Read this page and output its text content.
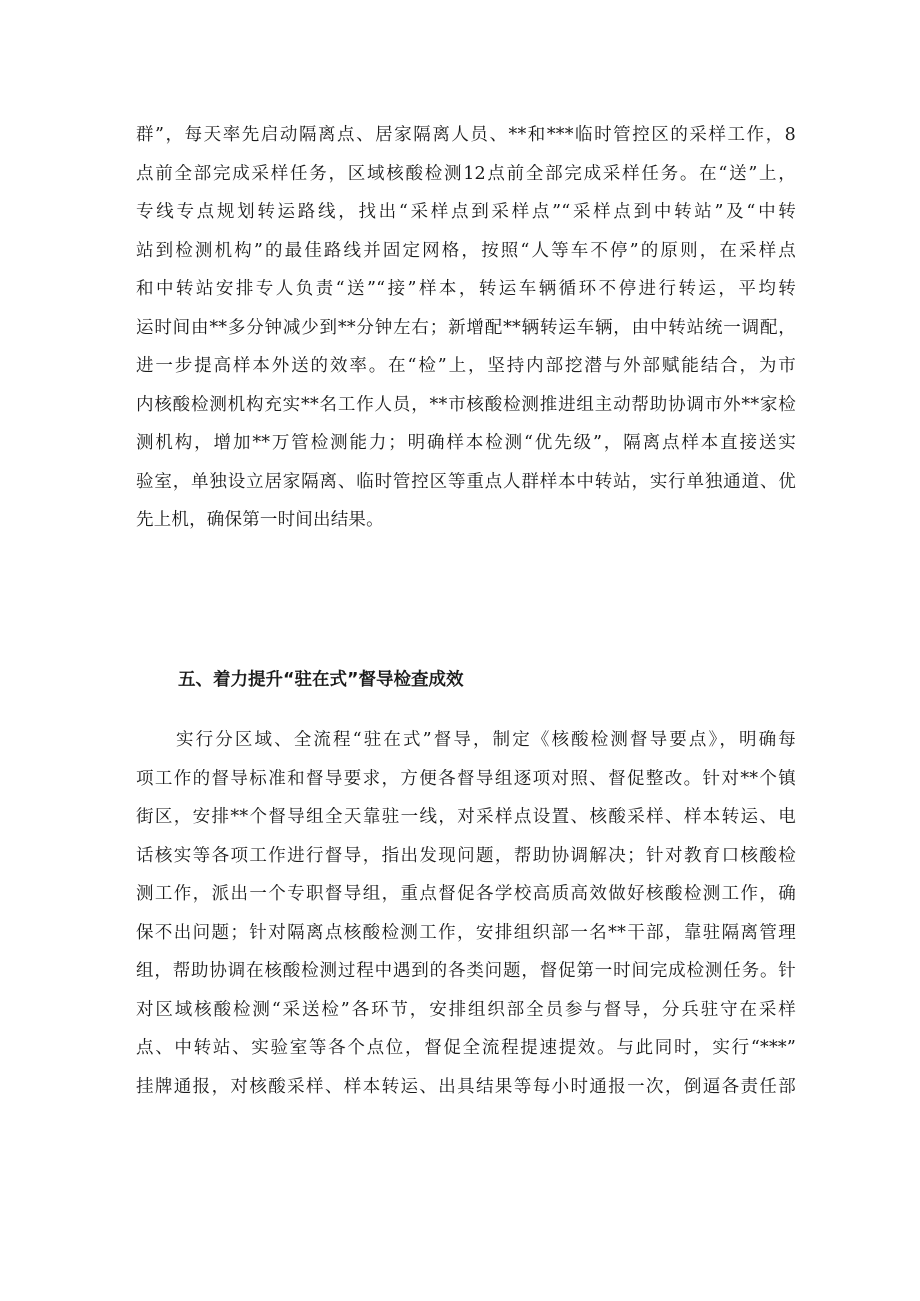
群”，每天率先启动隔离点、居家隔离人员、**和***临时管控区的采样工作，8
点前全部完成采样任务，区域核酸检测12点前全部完成采样任务。在“送”上，
专线专点规划转运路线，找出“采样点到采样点”“采样点到中转站”及“中转
站到检测机构”的最佳路线并固定网格，按照“人等车不停”的原则，在采样点
和中转站安排专人负责“送”“接”样本，转运车辆循环不停进行转运，平均转
运时间由**多分钟减少到**分钟左右；新增配**辆转运车辆，由中转站统一调配，
进一步提高样本外送的效率。在“检”上，坚持内部挖潜与外部赋能结合，为市
内核酸检测机构充实**名工作人员，**市核酸检测推进组主动帮助协调市外**家检
测机构，增加**万管检测能力；明确样本检测“优先级”，隔离点样本直接送实
验室，单独设立居家隔离、临时管控区等重点人群样本中转站，实行单独通道、优
先上机，确保第一时间出结果。
五、着力提升“驻在式”督导检查成效
实行分区域、全流程“驻在式”督导，制定《核酸检测督导要点》，明确每
项工作的督导标准和督导要求，方便各督导组逐项对照、督促整改。针对**个镇
街区，安排**个督导组全天靠驻一线，对采样点设置、核酸采样、样本转运、电
话核实等各项工作进行督导，指出发现问题，帮助协调解决；针对教育口核酸检
测工作，派出一个专职督导组，重点督促各学校高质高效做好核酸检测工作，确
保不出问题；针对隔离点核酸检测工作，安排组织部一名**干部，靠驻隔离管理
组，帮助协调在核酸检测过程中遇到的各类问题，督促第一时间完成检测任务。针
对区域核酸检测“采送检”各环节，安排组织部全员参与督导，分兵驻守在采样
点、中转站、实验室等各个点位，督促全流程提速提效。与此同时，实行“***”
挂牌通报，对核酸采样、样本转运、出具结果等每小时通报一次，倒逼各责任部
